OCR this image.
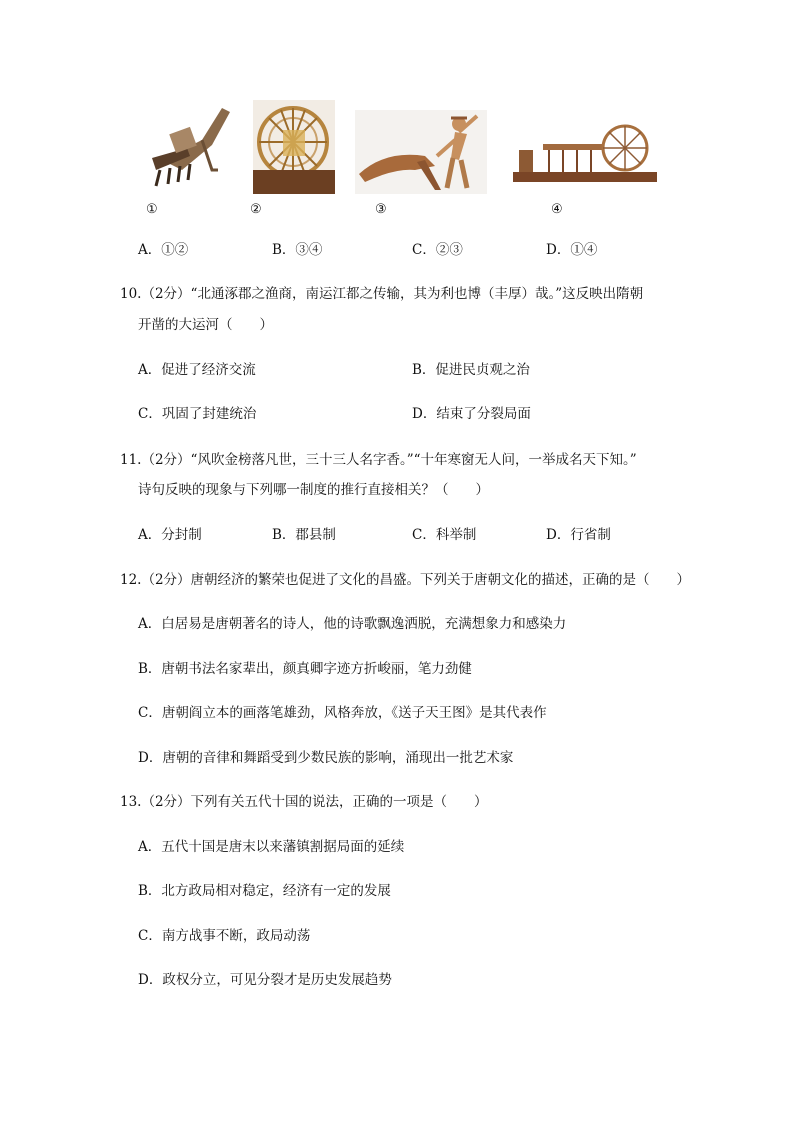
①	②	③	④
A．①②	B．③④	C．②③	D．①④
10.（2分）“北通涿郡之渔商，南运江都之传输，其为利也博（丰厚）哉。”这反映出隋朝
开凿的大运河（　　）
A．促进了经济交流	B．促进民贞观之治
C．巩固了封建统治	D．结束了分裂局面
11.（2分）“风吹金榜落凡世，三十三人名字香。”“十年寒窗无人问，一举成名天下知。”
诗句反映的现象与下列哪一制度的推行直接相关？（　　）
A．分封制	B．郡县制	C．科举制	D．行省制
12.（2分）唐朝经济的繁荣也促进了文化的昌盛。下列关于唐朝文化的描述，正确的是（　　）
A．白居易是唐朝著名的诗人，他的诗歌飘逸洒脱，充满想象力和感染力
B．唐朝书法名家辈出，颜真卿字迹方折峻丽，笔力劲健
C．唐朝阎立本的画落笔雄劲，风格奔放，《送子天王图》是其代表作
D．唐朝的音律和舞蹈受到少数民族的影响，涌现出一批艺术家
13.（2分）下列有关五代十国的说法，正确的一项是（　　）
A．五代十国是唐末以来藩镇割据局面的延续
B．北方政局相对稳定，经济有一定的发展
C．南方战事不断，政局动荡
D．政权分立，可见分裂才是历史发展趋势
